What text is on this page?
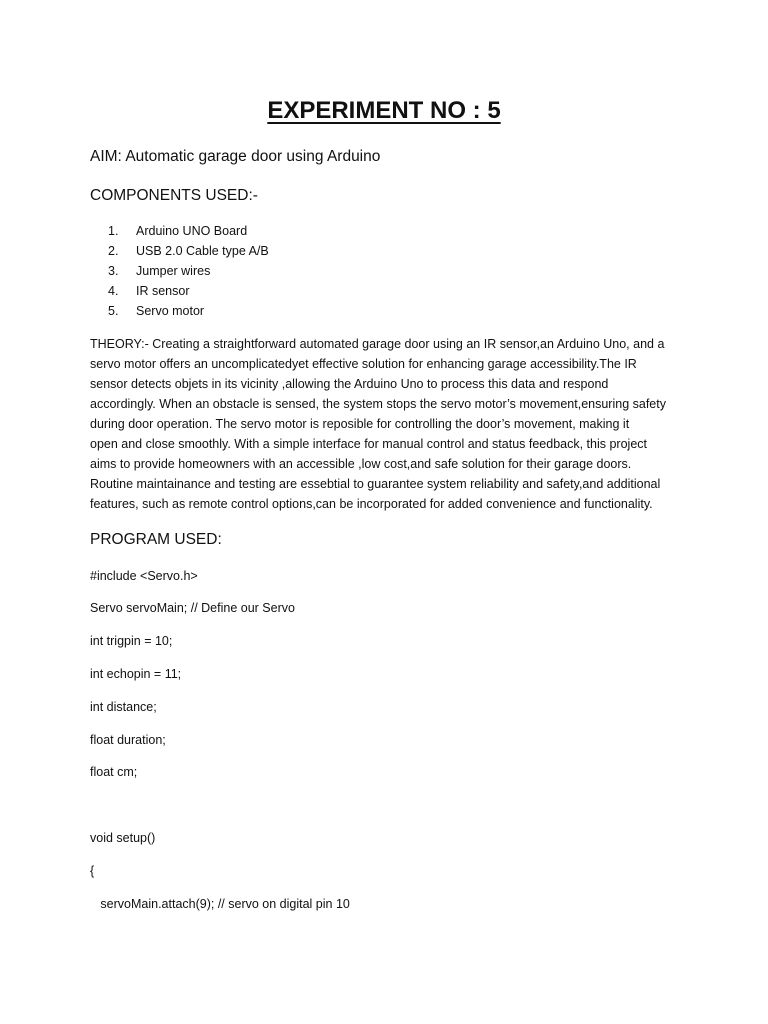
EXPERIMENT NO : 5

AIM: Automatic garage door using Arduino

COMPONENTS USED:-

1.	Arduino UNO Board
2.	USB 2.0 Cable type A/B
3.	Jumper wires
4.	IR sensor
5.	Servo motor

THEORY:- Creating a straightforward automated garage door using an IR sensor,an Arduino Uno, and a
servo motor offers an uncomplicatedyet effective solution for enhancing garage accessibility.The IR
sensor detects objets in its vicinity ,allowing the Arduino Uno to process this data and respond
accordingly. When an obstacle is sensed, the system stops the servo motor’s movement,ensuring safety
during door operation. The servo motor is reposible for controlling the door’s movement, making it
open and close smoothly. With a simple interface for manual control and status feedback, this project
aims to provide homeowners with an accessible ,low cost,and safe solution for their garage doors.
Routine maintainance and testing are essebtial to guarantee system reliability and safety,and additional
features, such as remote control options,can be incorporated for added convenience and functionality.

PROGRAM USED:

#include <Servo.h>

Servo servoMain; // Define our Servo

int trigpin = 10;

int echopin = 11;

int distance;

float duration;

float cm;

void setup()

{

servoMain.attach(9); // servo on digital pin 10
